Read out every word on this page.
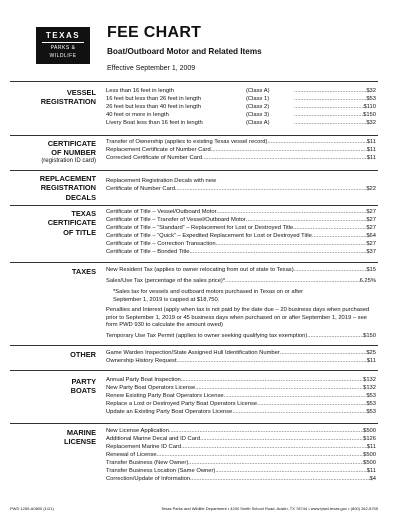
TEXAS
PARKS &
WILDLIFE
FEE CHART
Boat/Outboard Motor and Related Items
Effective September 1, 2009
VESSEL
REGISTRATION
Less than 16 feet in length	(Class A) .....	$32
16 feet but less than 26 feet in length	(Class 1) .....	$53
26 feet but less than 40 feet in length	(Class 2) .....	$110
40 feet or more in length	(Class 3) .....	$150
Livery Boat less than 16 feet in length	(Class A) .....	$32
CERTIFICATE
OF NUMBER
(registration ID card)
Transfer of Ownership (applies to existing Texas vessel record) .....	$11
Replacement Certificate of Number Card .....	$11
Corrected Certificate of Number Card .....	$11
REPLACEMENT
REGISTRATION
DECALS
Replacement Registration Decals with new
Certificate of Number Card .....	$22
TEXAS
CERTIFICATE
OF TITLE
Certificate of Title – Vessel/Outboard Motor .....	$27
Certificate of Title – Transfer of Vessel/Outboard Motor .....	$27
Certificate of Title – “Standard” – Replacement for Lost or Destroyed Title .....	$27
Certificate of Title – “Quick” – Expedited Replacement for Lost or Destroyed Title .....	$64
Certificate of Title – Correction Transaction .....	$27
Certificate of Title – Bonded Title .....	$37
TAXES New Resident Tax (applies to owner relocating from out of state to Texas) .....	$15
Sales/Use Tax (percentage of the sales price)* .....	6.25%
*Sales tax for vessels and outboard motors purchased in Texas on or after September 1, 2019 is capped at $18,750.
Penalties and Interest (apply when tax is not paid by the date due – 20 business days when purchased prior to September 1, 2019 or 45 business days when purchased on or after September 1, 2019 – see form PWD 930 to calculate the amount owed)
Temporary Use Tax Permit (applies to owner seeking qualifying tax exemption) .....	$150
OTHER Game Warden Inspection/State Assigned Hull Identification Number .....	$25
Ownership History Request .....	$11
PARTY
BOATS
Annual Party Boat Inspection .....	$132
New Party Boat Operators License .....	$132
Renew Existing Party Boat Operators License .....	$53
Replace a Lost or Destroyed Party Boat Operators License .....	$53
Update an Existing Party Boat Operators License .....	$53
MARINE
LICENSE
New License Application .....	$500
Additional Marine Decal and ID Card .....	$126
Replacement Marine ID Card .....	$11
Renewal of License .....	$500
Transfer Business (New Owner) .....	$500
Transfer Business Location (Same Owner) .....	$11
Correction/Update of Information .....	$4
PWD 1259-A0800 (1/21)	Texas Parks and Wildlife Department • 4200 Smith School Road, Austin, TX 78744 • www.tpwd.texas.gov • (800) 262-8755
